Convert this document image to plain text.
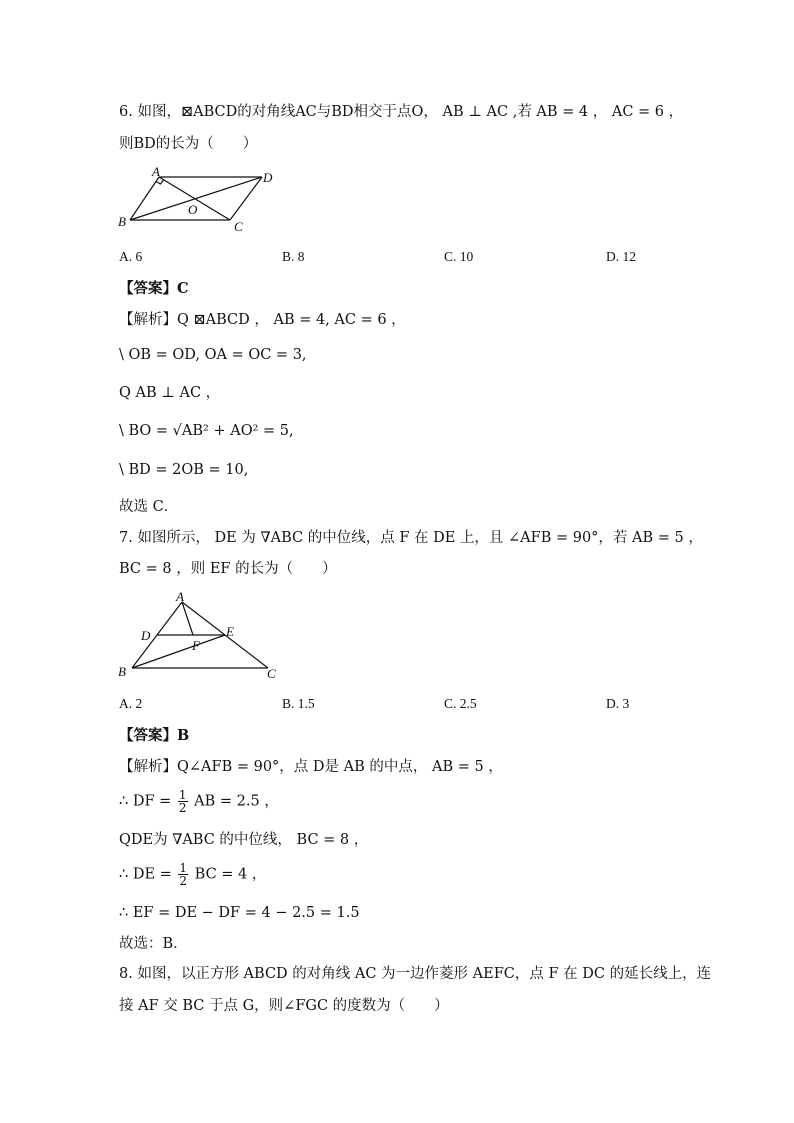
6. 如图，⊠ABCD的对角线AC与BD相交于点O， AB ⊥ AC ,若 AB = 4 ， AC = 6 ，
则BD的长为（　　）
A	D
B
O
C
A. 6	B. 8	C. 10	D. 12
【答案】C
【解析】Q ⊠ABCD ， AB = 4, AC = 6 ，
\ OB = OD, OA = OC = 3,
Q AB ⊥ AC ，
\ BO = √AB² + AO² = 5,
\ BD = 2OB = 10,
故选 C．
7. 如图所示， DE 为 ∇ABC 的中位线，点 F 在 DE 上，且 ∠AFB = 90°，若 AB = 5 ，
BC = 8 ，则 EF 的长为（　　）
A
D	E
F
B	C
A. 2	B. 1.5	C. 2.5	D. 3
【答案】B
【解析】Q∠AFB = 90°，点 D是 AB 的中点， AB = 5 ，
∴ DF = $\frac{1}{2}$ AB = 2.5 ，
QDE为 ∇ABC 的中位线， BC = 8 ，
∴ DE = $\frac{1}{2}$ BC = 4 ，
∴ EF = DE − DF = 4 − 2.5 = 1.5
故选：B．
8. 如图，以正方形 ABCD 的对角线 AC 为一边作菱形 AEFC，点 F 在 DC 的延长线上，连
接 AF 交 BC 于点 G，则∠FGC 的度数为（　　）
